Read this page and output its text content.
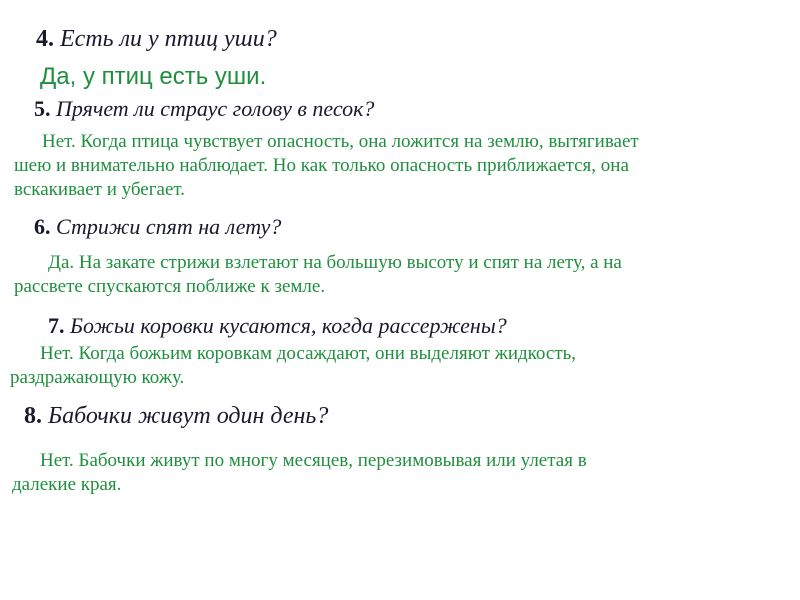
4. Есть ли у птиц уши?
Да, у птиц есть уши.
5. Прячет ли страус голову в песок?
Нет. Когда птица чувствует опасность, она ложится на землю, вытягивает
шею и внимательно наблюдает. Но как только опасность приближается, она
вскакивает и убегает.
6. Стрижи спят на лету?
Да. На закате стрижи взлетают на большую высоту и спят на лету, а на
рассвете спускаются поближе к земле.
7. Божьи коровки кусаются, когда рассержены?
Нет. Когда божьим коровкам досаждают, они выделяют жидкость,
раздражающую кожу.
8. Бабочки живут один день?
Нет. Бабочки живут по многу месяцев, перезимовывая или улетая в
далекие края.
